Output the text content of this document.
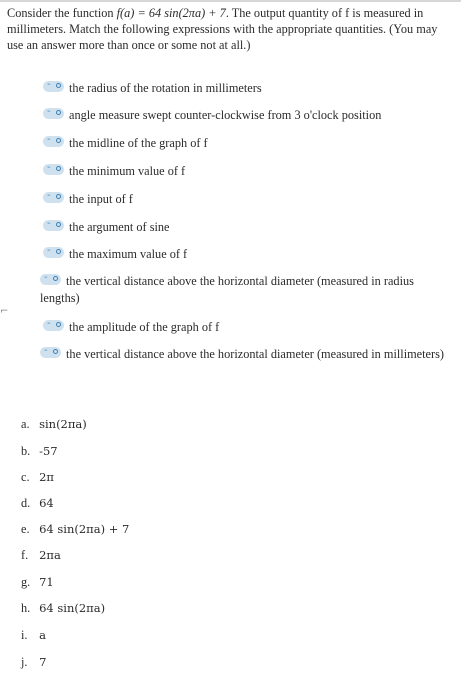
Consider the function f(a) = 64 sin(2πa) + 7. The output quantity of f is measured in millimeters. Match the following expressions with the appropriate quantities. (You may use an answer more than once or some not at all.)
- the radius of the rotation in millimeters
- angle measure swept counter-clockwise from 3 o'clock position
- the midline of the graph of f
- the minimum value of f
- the input of f
- the argument of sine
- the maximum value of f
- the vertical distance above the horizontal diameter (measured in radius lengths)
- the amplitude of the graph of f
- the vertical distance above the horizontal diameter (measured in millimeters)
⌐
a. sin(2πa)
b. -57
c. 2π
d. 64
e. 64 sin(2πa) + 7
f. 2πa
g. 71
h. 64 sin(2πa)
i. a
j. 7
